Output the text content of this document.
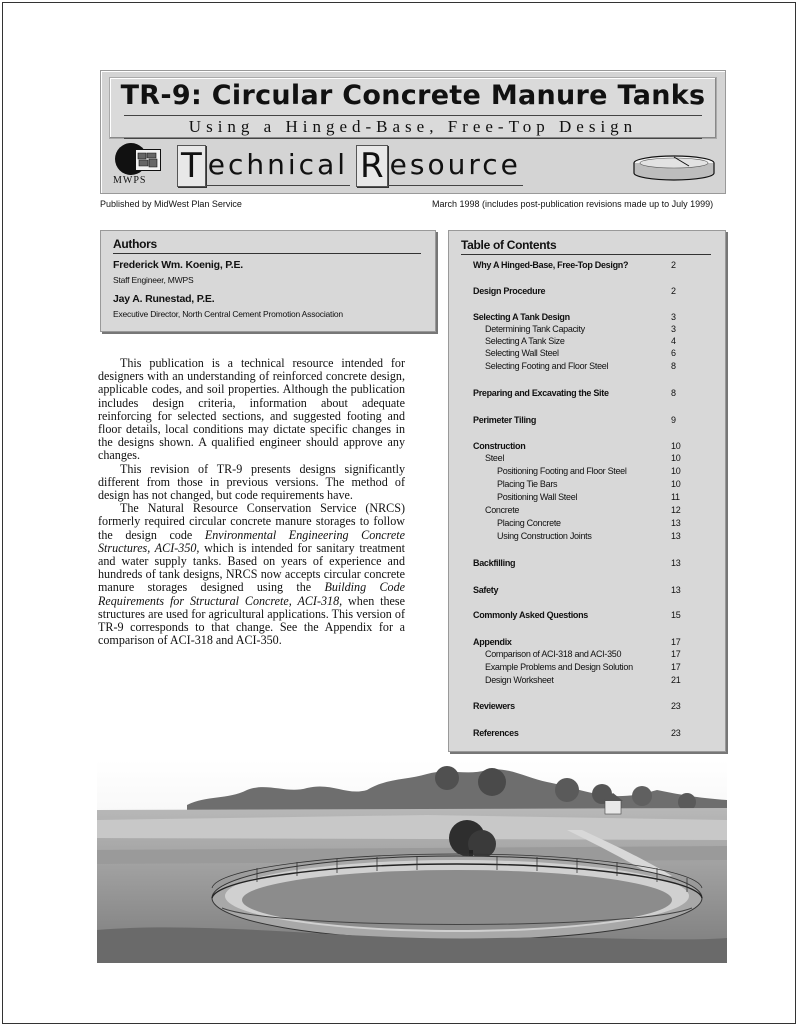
TR-9: Circular Concrete Manure Tanks
Using a Hinged-Base, Free-Top Design
MWPS T echnical R esource
Published by MidWest Plan Service	March 1998 (includes post-publication revisions made up to July 1999)
Authors
Frederick Wm. Koenig, P.E.
Staff Engineer, MWPS
Jay A. Runestad, P.E.
Executive Director, North Central Cement Promotion Association

This publication is a technical resource intended for designers with an understanding of reinforced concrete design, applicable codes, and soil properties. Although the publication includes design criteria, information about adequate reinforcing for selected sections, and suggested footing and floor details, local conditions may dictate specific changes in the designs shown. A qualified engineer should approve any changes.

This revision of TR-9 presents designs significantly different from those in previous versions. The method of design has not changed, but code requirements have.

The Natural Resource Conservation Service (NRCS) formerly required circular concrete manure storages to follow the design code Environmental Engineering Concrete Structures, ACI-350, which is intended for sanitary treatment and water supply tanks. Based on years of experience and hundreds of tank designs, NRCS now accepts circular concrete manure storages designed using the Building Code Requirements for Structural Concrete, ACI-318, when these structures are used for agricultural applications. This version of TR-9 corresponds to that change. See the Appendix for a comparison of ACI-318 and ACI-350.

Table of Contents
Why A Hinged-Base, Free-Top Design?	2
Design Procedure	2
Selecting A Tank Design	3
Determining Tank Capacity	3
Selecting A Tank Size	4
Selecting Wall Steel	6
Selecting Footing and Floor Steel	8
Preparing and Excavating the Site	8
Perimeter Tiling	9
Construction	10
Steel	10
Positioning Footing and Floor Steel	10
Placing Tie Bars	10
Positioning Wall Steel	11
Concrete	12
Placing Concrete	13
Using Construction Joints	13
Backfilling	13
Safety	13
Commonly Asked Questions	15
Appendix	17
Comparison of ACI-318 and ACI-350	17
Example Problems and Design Solution	17
Design Worksheet	21
Reviewers	23
References	23
